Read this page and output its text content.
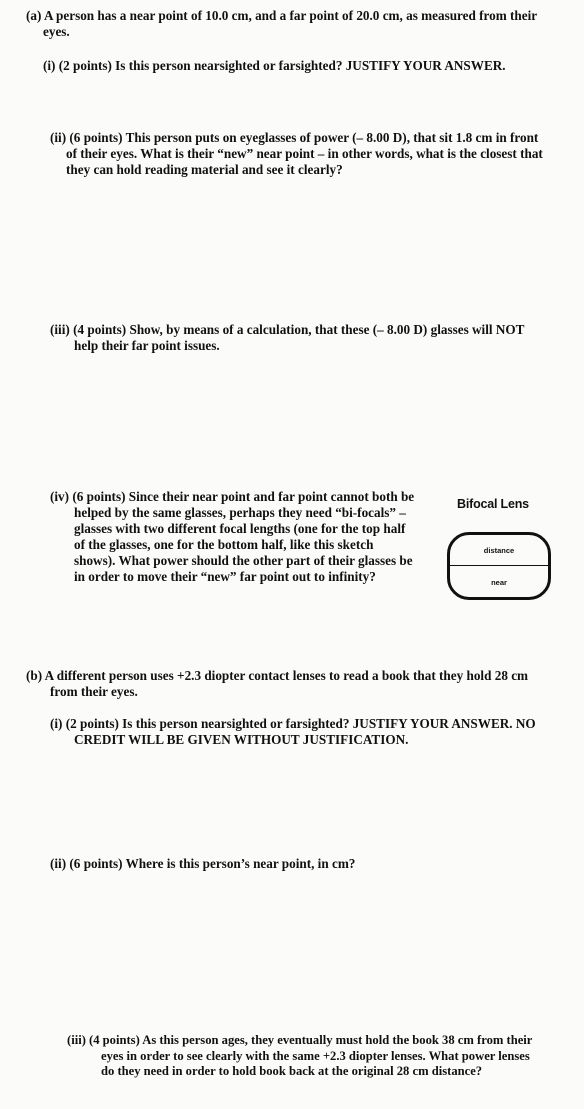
(a) A person has a near point of 10.0 cm, and a far point of 20.0 cm, as measured from their
eyes.
(i) (2 points) Is this person nearsighted or farsighted? JUSTIFY YOUR ANSWER.
(ii) (6 points) This person puts on eyeglasses of power (– 8.00 D), that sit 1.8 cm in front
of their eyes. What is their “new” near point – in other words, what is the closest that
they can hold reading material and see it clearly?
(iii) (4 points) Show, by means of a calculation, that these (– 8.00 D) glasses will NOT
help their far point issues.
(iv) (6 points) Since their near point and far point cannot both be
helped by the same glasses, perhaps they need “bi-focals” –
glasses with two different focal lengths (one for the top half
of the glasses, one for the bottom half, like this sketch
shows). What power should the other part of their glasses be
in order to move their “new” far point out to infinity?
Bifocal Lens
distance
near
(b) A different person uses +2.3 diopter contact lenses to read a book that they hold 28 cm
from their eyes.
(i) (2 points) Is this person nearsighted or farsighted? JUSTIFY YOUR ANSWER. NO
CREDIT WILL BE GIVEN WITHOUT JUSTIFICATION.
(ii) (6 points) Where is this person’s near point, in cm?
(iii) (4 points) As this person ages, they eventually must hold the book 38 cm from their
eyes in order to see clearly with the same +2.3 diopter lenses. What power lenses
do they need in order to hold book back at the original 28 cm distance?
